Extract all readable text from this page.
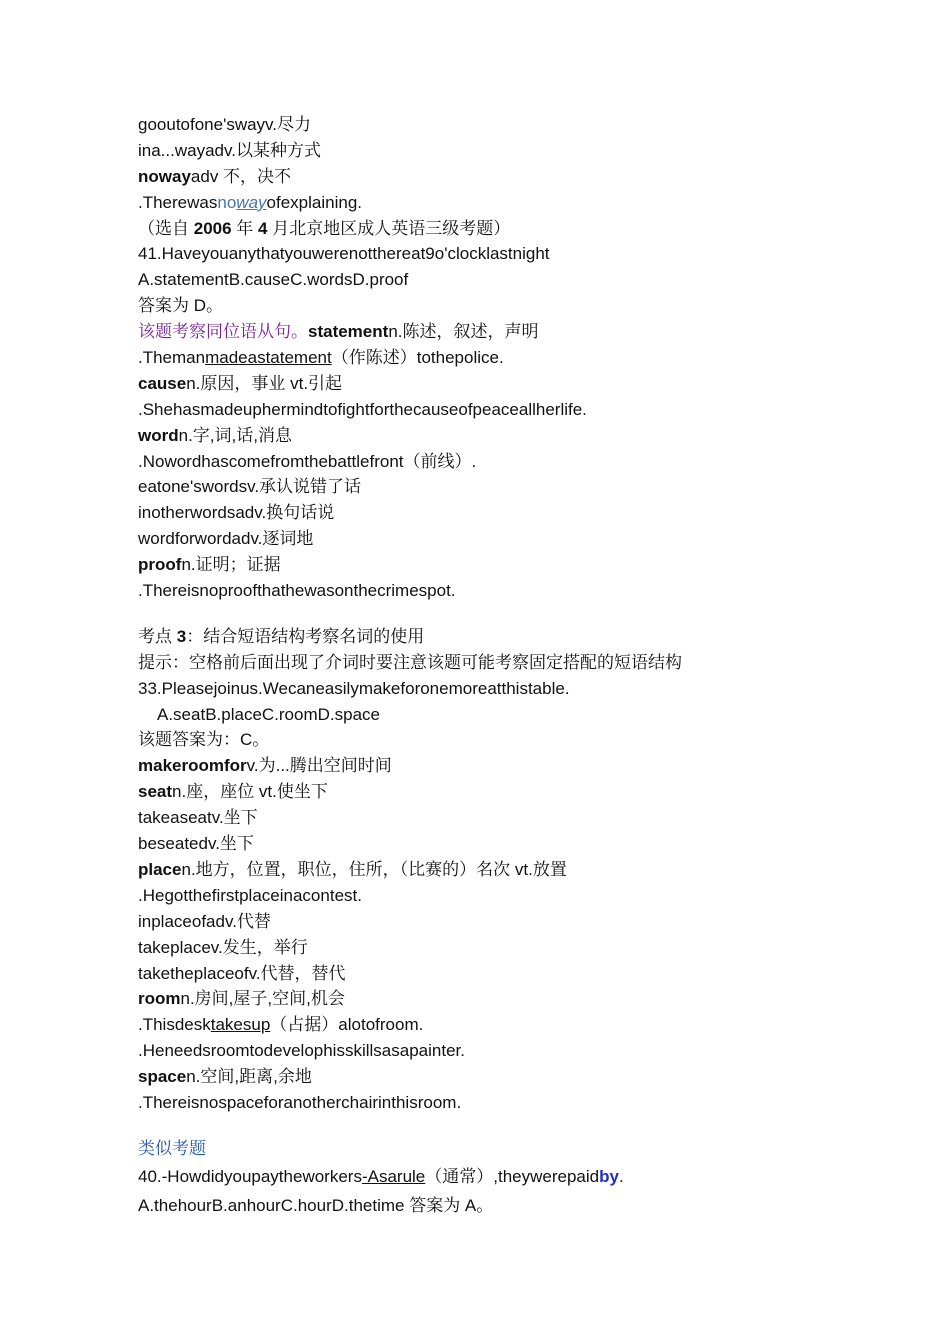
gooutofone'swayv.尽力
ina...wayadv.以某种方式
nowayadv 不，决不
.Therewasnowayofexplaining.
（选自 2006 年 4 月北京地区成人英语三级考题）
41.Haveyouanythatyouwerenotthereat9o'clocklastnight
A.statementB.causeC.wordsD.proof
答案为 D。
该题考察同位语从句。statementn.陈述，叙述，声明
.Themanmadeastatement（作陈述）tothepolice.
causen.原因，事业 vt.引起
.Shehasmadeuphermindtofightforthecauseofpeaceallherlife.
wordn.字,词,话,消息
.Nowordhascomefromthebattlefront（前线）.
eatone'swordsv.承认说错了话
inotherwordsadv.换句话说
wordforwordadv.逐词地
proofn.证明；证据
.Thereisnoproofthathewasonthecrimespot.
考点 3：结合短语结构考察名词的使用
提示：空格前后面出现了介词时要注意该题可能考察固定搭配的短语结构
33.Pleasejoinus.Wecaneasilymakeforonemoreatthistable.
A.seatB.placeC.roomD.space
该题答案为：C。
makeroomforv.为...腾出空间时间
seatn.座，座位 vt.使坐下
takeaseatv.坐下
beseatedv.坐下
placen.地方，位置，职位，住所，（比赛的）名次 vt.放置
.Hegotthefirstplaceinacontest.
inplaceofadv.代替
takeplacev.发生，举行
taketheplaceofv.代替，替代
roomn.房间,屋子,空间,机会
.Thisdesktakesup（占据）alotofroom.
.Heneedsroomtodevelophisskillsasapainter.
spacen.空间,距离,余地
.Thereisnospaceforanotherchairinthisroom.
类似考题
40.-Howdidyoupaytheworkers-Asarule（通常）,theywerepaidby.
A.thehourB.anhourC.hourD.thetime 答案为 A。
